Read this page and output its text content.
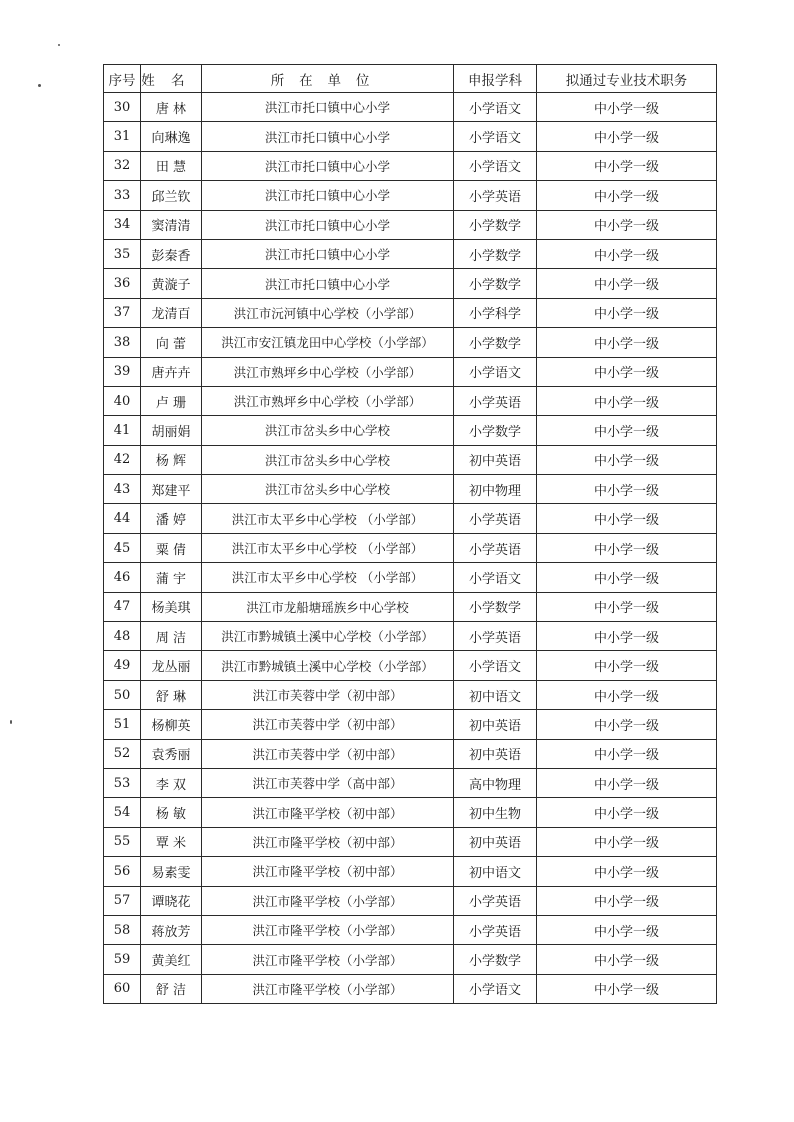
序号	姓名	所在单位	申报学科	拟通过专业技术职务
30	唐 林	洪江市托口镇中心小学	小学语文	中小学一级
31	向琳逸	洪江市托口镇中心小学	小学语文	中小学一级
32	田 慧	洪江市托口镇中心小学	小学语文	中小学一级
33	邱兰钦	洪江市托口镇中心小学	小学英语	中小学一级
34	窦清清	洪江市托口镇中心小学	小学数学	中小学一级
35	彭秦香	洪江市托口镇中心小学	小学数学	中小学一级
36	黄漩子	洪江市托口镇中心小学	小学数学	中小学一级
37	龙清百	洪江市沅河镇中心学校（小学部）	小学科学	中小学一级
38	向 蕾	洪江市安江镇龙田中心学校（小学部）	小学数学	中小学一级
39	唐卉卉	洪江市熟坪乡中心学校（小学部）	小学语文	中小学一级
40	卢 珊	洪江市熟坪乡中心学校（小学部）	小学英语	中小学一级
41	胡丽娟	洪江市岔头乡中心学校	小学数学	中小学一级
42	杨 辉	洪江市岔头乡中心学校	初中英语	中小学一级
43	郑建平	洪江市岔头乡中心学校	初中物理	中小学一级
44	潘 婷	洪江市太平乡中心学校 （小学部）	小学英语	中小学一级
45	粟 倩	洪江市太平乡中心学校 （小学部）	小学英语	中小学一级
46	蒲 宇	洪江市太平乡中心学校 （小学部）	小学语文	中小学一级
47	杨美琪	洪江市龙船塘瑶族乡中心学校	小学数学	中小学一级
48	周 洁	洪江市黔城镇土溪中心学校（小学部）	小学英语	中小学一级
49	龙丛丽	洪江市黔城镇土溪中心学校（小学部）	小学语文	中小学一级
50	舒 琳	洪江市芙蓉中学（初中部）	初中语文	中小学一级
51	杨柳英	洪江市芙蓉中学（初中部）	初中英语	中小学一级
52	袁秀丽	洪江市芙蓉中学（初中部）	初中英语	中小学一级
53	李 双	洪江市芙蓉中学（高中部）	高中物理	中小学一级
54	杨 敏	洪江市隆平学校（初中部）	初中生物	中小学一级
55	覃 米	洪江市隆平学校（初中部）	初中英语	中小学一级
56	易素雯	洪江市隆平学校（初中部）	初中语文	中小学一级
57	谭晓花	洪江市隆平学校（小学部）	小学英语	中小学一级
58	蒋放芳	洪江市隆平学校（小学部）	小学英语	中小学一级
59	黄美红	洪江市隆平学校（小学部）	小学数学	中小学一级
60	舒 洁	洪江市隆平学校（小学部）	小学语文	中小学一级
